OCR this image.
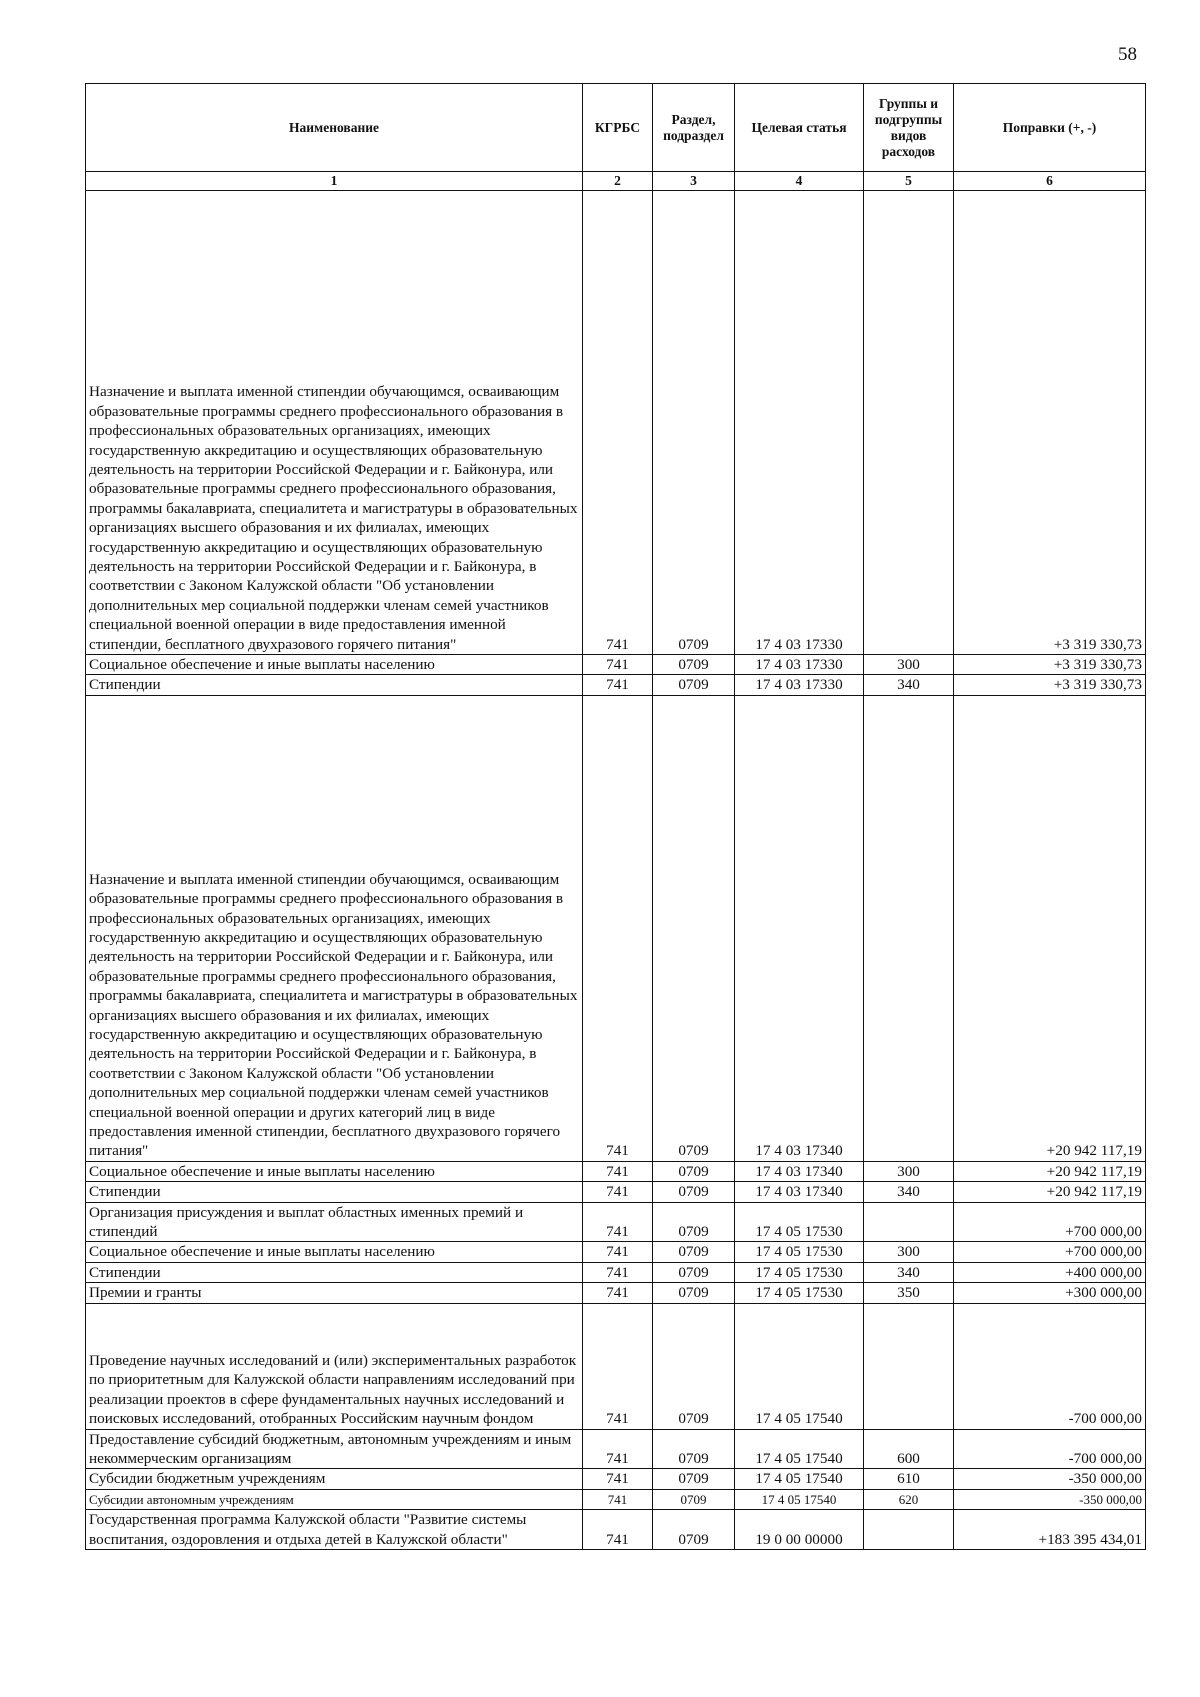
58
Наименование	КГРБС	Раздел, подраздел	Целевая статья	Группы и подгруппы видов расходов	Поправки (+, -)
1	2	3	4	5	6
Назначение и выплата именной стипендии обучающимся, осваивающим образовательные программы среднего профессионального образования в профессиональных образовательных организациях, имеющих государственную аккредитацию и осуществляющих образовательную деятельность на территории Российской Федерации и г. Байконура, или образовательные программы среднего профессионального образования, программы бакалавриата, специалитета и магистратуры в образовательных организациях высшего образования и их филиалах, имеющих государственную аккредитацию и осуществляющих образовательную деятельность на территории Российской Федерации и г. Байконура, в соответствии с Законом Калужской области "Об установлении дополнительных мер социальной поддержки членам семей участников специальной военной операции в виде предоставления именной стипендии, бесплатного двухразового горячего питания"	741	0709	17 4 03 17330		+3 319 330,73
Социальное обеспечение и иные выплаты населению	741	0709	17 4 03 17330	300	+3 319 330,73
Стипендии	741	0709	17 4 03 17330	340	+3 319 330,73
Назначение и выплата именной стипендии обучающимся, осваивающим образовательные программы среднего профессионального образования в профессиональных образовательных организациях, имеющих государственную аккредитацию и осуществляющих образовательную деятельность на территории Российской Федерации и г. Байконура, или образовательные программы среднего профессионального образования, программы бакалавриата, специалитета и магистратуры в образовательных организациях высшего образования и их филиалах, имеющих государственную аккредитацию и осуществляющих образовательную деятельность на территории Российской Федерации и г. Байконура, в соответствии с Законом Калужской области "Об установлении дополнительных мер социальной поддержки членам семей участников специальной военной операции и других категорий лиц в виде предоставления именной стипендии, бесплатного двухразового горячего питания"	741	0709	17 4 03 17340		+20 942 117,19
Социальное обеспечение и иные выплаты населению	741	0709	17 4 03 17340	300	+20 942 117,19
Стипендии	741	0709	17 4 03 17340	340	+20 942 117,19
Организация присуждения и выплат областных именных премий и стипендий	741	0709	17 4 05 17530		+700 000,00
Социальное обеспечение и иные выплаты населению	741	0709	17 4 05 17530	300	+700 000,00
Стипендии	741	0709	17 4 05 17530	340	+400 000,00
Премии и гранты	741	0709	17 4 05 17530	350	+300 000,00
Проведение научных исследований и (или) экспериментальных разработок по приоритетным для Калужской области направлениям исследований при реализации проектов в сфере фундаментальных научных исследований и поисковых исследований, отобранных Российским научным фондом	741	0709	17 4 05 17540		-700 000,00
Предоставление субсидий бюджетным, автономным учреждениям и иным некоммерческим организациям	741	0709	17 4 05 17540	600	-700 000,00
Субсидии бюджетным учреждениям	741	0709	17 4 05 17540	610	-350 000,00
Субсидии автономным учреждениям	741	0709	17 4 05 17540	620	-350 000,00
Государственная программа Калужской области "Развитие системы воспитания, оздоровления и отдыха детей в Калужской области"	741	0709	19 0 00 00000		+183 395 434,01
